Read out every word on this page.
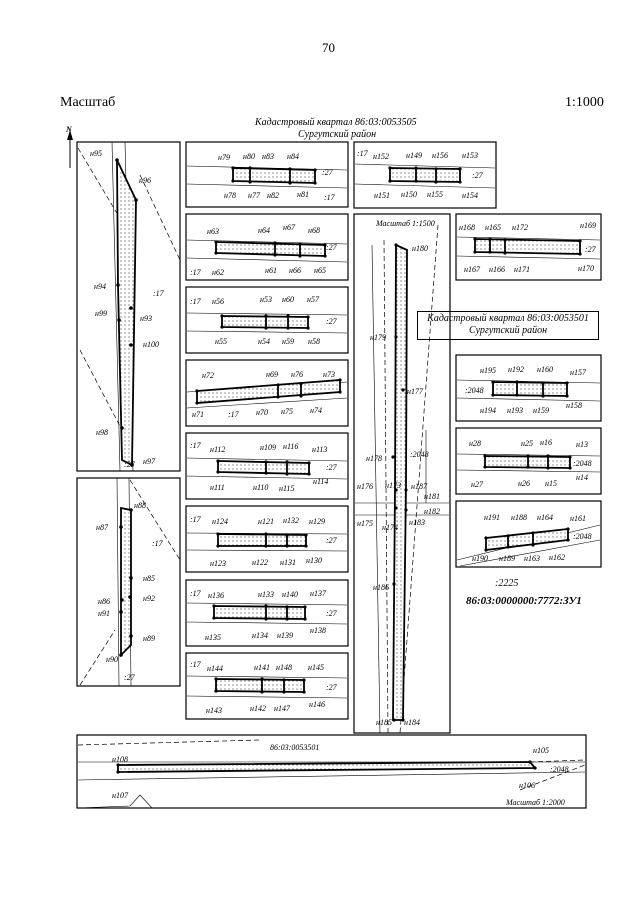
70
Масштаб	1:1000
Кадастровый квартал 86:03:0053505
Сургутский район
Кадастровый квартал 86:03:0053501
Сургутский район
:2225
86:03:0000000:7772:ЗУ1
N
н95
н96
н94
н93
н99
н100
н98
н97
:17
:27
н88
н87
:17
н85
н86	н92
н91
н89
н90
:27
н79 н80 н83 н84
:27
н78 н77 н82 н81 :17
н63	н64 н67 н68
:27
:17 н62	н61 н66 н65
:17 н56	н53 н60 н57
:27
н55	н54 н59 н58
н72	н69 н76	н73
н71	:17 н70 н75 н74
:17 н112	н109 н116 н113
:27
н111	н110 н115
н114
:17 н124	н121 н132 н129
:27
н123	н122 н131 н130
:17 н136	н133 н140 н137
:27
н135	н134 н139
н138
:17 н144	н141 н148 н145
:27
н143	н142 н147 н146
:17 н152 н149 н156 н153
:27
н151 н150 н155 н154
Масштаб 1:1500
н180
н179
н177
н178	:2048
н176 н173
н181
н187
н182
н175 н174
н183
н186
н185 н184
н168 н165 н172	н169
:27
н167 н166 н171	н170
н195 н192 н160 н157
:2048
н194 н193 н159
н158
н28	н25 н16	н13
:2048
н27	н26 н15
н14
н191 н188 н164 н161
:2048
н190 н189 н163 н162
86:03:0053501
н108
н107
н105
н106
:2048
Масштаб 1:2000
